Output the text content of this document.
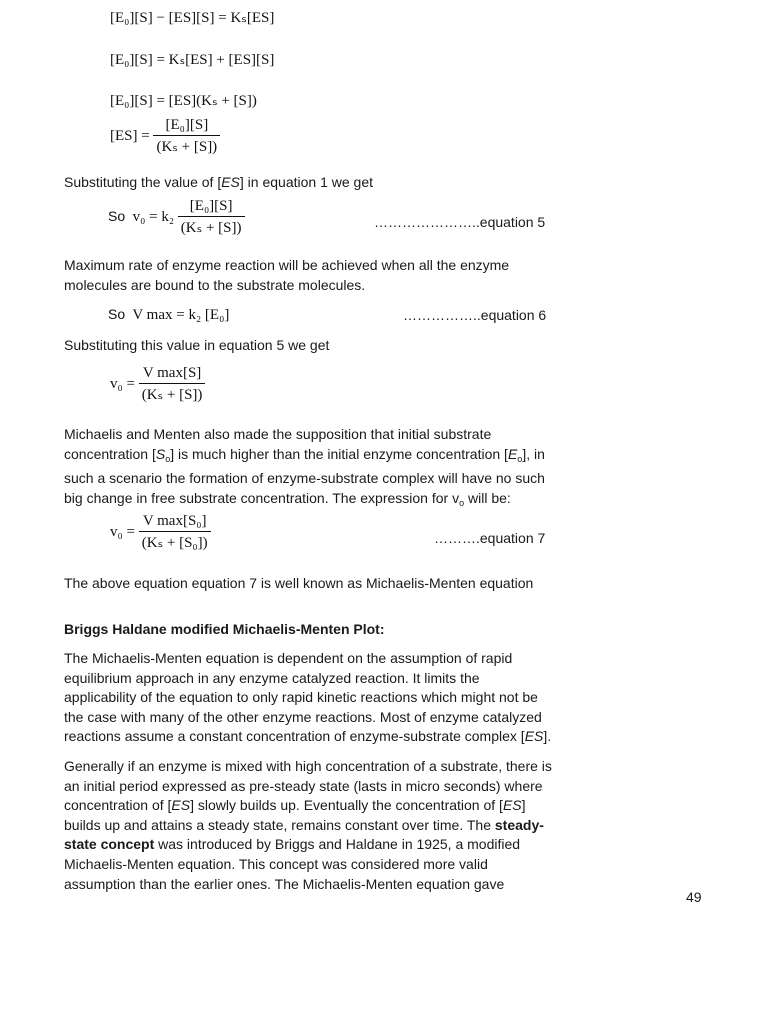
[E₀][S] − [ES][S] = Kₛ[ES]
[E₀][S] = Kₛ[ES] + [ES][S]
[E₀][S] = [ES](Kₛ + [S])
$[ES] = \frac{\text{[E₀][S]}}{\text{(Kₛ + [S])}}$
Substituting the value of [ES] in equation 1 we get
So $v_0 = k_2 \frac{\text{[E₀][S]}}{\text{(Kₛ + [S])}}$	…………………..equation 5
Maximum rate of enzyme reaction will be achieved when all the enzyme molecules are bound to the substrate molecules.
So V max = k₂ [E₀]	……………..equation 6
Substituting this value in equation 5 we get
$v_0 = \frac{\text{V max[S]}}{\text{(Kₛ + [S])}}$
Michaelis and Menten also made the supposition that initial substrate concentration $[S_o]$ is much higher than the initial enzyme concentration $[E_o]$, in such a scenario the formation of enzyme-substrate complex will have no such big change in free substrate concentration. The expression for $v_o$ will be:
$v_0 = \frac{\text{V max[S₀]}}{\text{(Kₛ + [S₀])}}$	……….equation 7
The above equation equation 7 is well known as Michaelis-Menten equation
Briggs Haldane modified Michaelis-Menten Plot:
The Michaelis-Menten equation is dependent on the assumption of rapid equilibrium approach in any enzyme catalyzed reaction. It limits the applicability of the equation to only rapid kinetic reactions which might not be the case with many of the other enzyme reactions. Most of enzyme catalyzed reactions assume a constant concentration of enzyme-substrate complex [ES].
Generally if an enzyme is mixed with high concentration of a substrate, there is an initial period expressed as pre-steady state (lasts in micro seconds) where concentration of [ES] slowly builds up. Eventually the concentration of [ES] builds up and attains a steady state, remains constant over time. The steady-state concept was introduced by Briggs and Haldane in 1925, a modified Michaelis-Menten equation. This concept was considered more valid assumption than the earlier ones. The Michaelis-Menten equation gave
49
